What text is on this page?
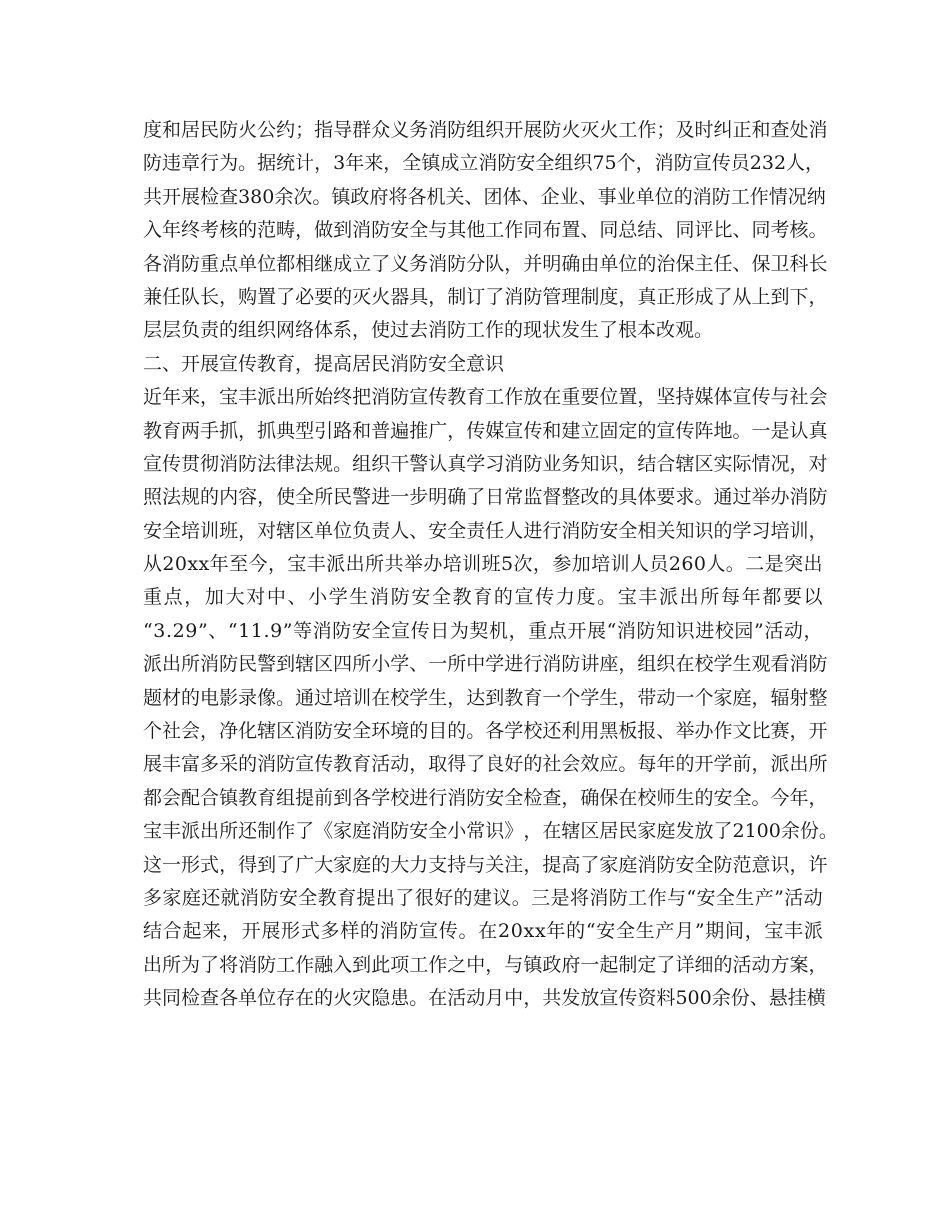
度 和 居 民 防 火 公 约 ； 指 导 群 众 义 务 消 防 组 织 开 展 防 火 灭 火 工 作 ； 及 时 纠 正 和 查 处 消
防 违 章 行 为 。 据 统 计 ， 3 年 来 ， 全 镇 成 立 消 防 安 全 组 织 7 5 个 ， 消 防 宣 传 员 2 3 2 人 ，
共 开 展 检 查 3 8 0 余 次 。 镇 政 府 将 各 机 关 、 团 体 、 企 业 、 事 业 单 位 的 消 防 工 作 情 况 纳
入 年 终 考 核 的 范 畴 ， 做 到 消 防 安 全 与 其 他 工 作 同 布 置 、 同 总 结 、 同 评 比 、 同 考 核 。
各 消 防 重 点 单 位 都 相 继 成 立 了 义 务 消 防 分 队 ， 并 明 确 由 单 位 的 治 保 主 任 、 保 卫 科 长
兼 任 队 长 ， 购 置 了 必 要 的 灭 火 器 具 ， 制 订 了 消 防 管 理 制 度 ， 真 正 形 成 了 从 上 到 下 ，
层层负责的组织网络体系，使过去消防工作的现状发生了根本改观。
二、开展宣传教育，提高居民消防安全意识
近 年 来 ， 宝 丰 派 出 所 始 终 把 消 防 宣 传 教 育 工 作 放 在 重 要 位 置 ， 坚 持 媒 体 宣 传 与 社 会
教 育 两 手 抓 ， 抓 典 型 引 路 和 普 遍 推 广 ， 传 媒 宣 传 和 建 立 固 定 的 宣 传 阵 地 。 一 是 认 真
宣 传 贯 彻 消 防 法 律 法 规 。 组 织 干 警 认 真 学 习 消 防 业 务 知 识 ， 结 合 辖 区 实 际 情 况 ， 对
照 法 规 的 内 容 ， 使 全 所 民 警 进 一 步 明 确 了 日 常 监 督 整 改 的 具 体 要 求 。 通 过 举 办 消 防
安 全 培 训 班 ， 对 辖 区 单 位 负 责 人 、 安 全 责 任 人 进 行 消 防 安 全 相 关 知 识 的 学 习 培 训 ，
从 2 0 x x 年 至 今 ， 宝 丰 派 出 所 共 举 办 培 训 班 5 次 ， 参 加 培 训 人 员 2 6 0 人 。 二 是 突 出
重 点 ， 加 大 对 中 、 小 学 生 消 防 安 全 教 育 的 宣 传 力 度 。 宝 丰 派 出 所 每 年 都 要 以
“ 3 . 2 9 ” 、 “ 1 1 . 9 ” 等 消 防 安 全 宣 传 日 为 契 机 ， 重 点 开 展 “ 消 防 知 识 进 校 园 ” 活 动 ，
派 出 所 消 防 民 警 到 辖 区 四 所 小 学 、 一 所 中 学 进 行 消 防 讲 座 ， 组 织 在 校 学 生 观 看 消 防
题 材 的 电 影 录 像 。 通 过 培 训 在 校 学 生 ， 达 到 教 育 一 个 学 生 ， 带 动 一 个 家 庭 ， 辐 射 整
个 社 会 ， 净 化 辖 区 消 防 安 全 环 境 的 目 的 。 各 学 校 还 利 用 黑 板 报 、 举 办 作 文 比 赛 ， 开
展 丰 富 多 采 的 消 防 宣 传 教 育 活 动 ， 取 得 了 良 好 的 社 会 效 应 。 每 年 的 开 学 前 ， 派 出 所
都 会 配 合 镇 教 育 组 提 前 到 各 学 校 进 行 消 防 安 全 检 查 ， 确 保 在 校 师 生 的 安 全 。 今 年 ，
宝 丰 派 出 所 还 制 作 了 《 家 庭 消 防 安 全 小 常 识 》 ， 在 辖 区 居 民 家 庭 发 放 了 2 1 0 0 余 份 。
这 一 形 式 ， 得 到 了 广 大 家 庭 的 大 力 支 持 与 关 注 ， 提 高 了 家 庭 消 防 安 全 防 范 意 识 ， 许
多 家 庭 还 就 消 防 安 全 教 育 提 出 了 很 好 的 建 议 。 三 是 将 消 防 工 作 与 “ 安 全 生 产 ” 活 动
结 合 起 来 ， 开 展 形 式 多 样 的 消 防 宣 传 。 在 2 0 x x 年 的 “ 安 全 生 产 月 ” 期 间 ， 宝 丰 派
出 所 为 了 将 消 防 工 作 融 入 到 此 项 工 作 之 中 ， 与 镇 政 府 一 起 制 定 了 详 细 的 活 动 方 案 ，
共 同 检 查 各 单 位 存 在 的 火 灾 隐 患 。 在 活 动 月 中 ， 共 发 放 宣 传 资 料 5 0 0 余 份 、 悬 挂 横
